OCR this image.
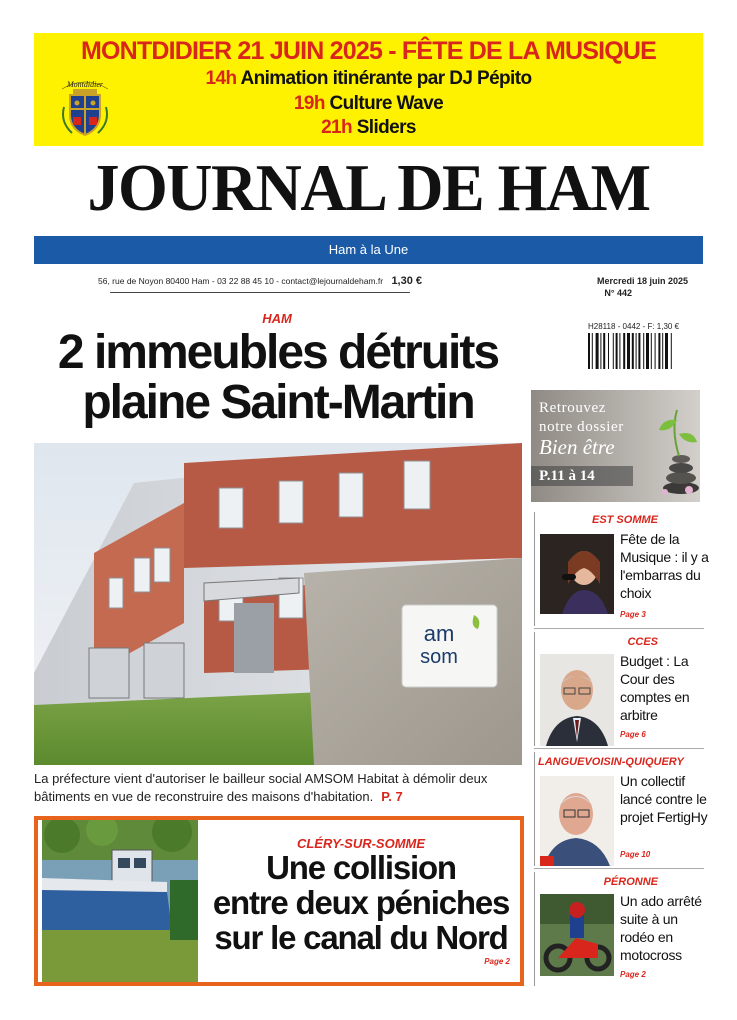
MONTDIDIER 21 JUIN 2025 - FÊTE DE LA MUSIQUE
14h Animation itinérante par DJ Pépito
19h Culture Wave
21h Sliders
Montdidier
JOURNAL DE HAM
Ham à la Une
56, rue de Noyon 80400 Ham - 03 22 88 45 10 - contact@lejournaldeham.fr 1,30 €	Mercredi 18 juin 2025
N° 442
H28118 - 0442 - F: 1,30 €
HAM
2 immeubles détruits
plaine Saint-Martin
am
som
La préfecture vient d'autoriser le bailleur social AMSOM Habitat à démolir deux bâtiments en vue de reconstruire des maisons d'habitation. P. 7
CLÉRY-SUR-SOMME
Une collision
entre deux péniches
sur le canal du Nord
Page 2
Retrouvez
notre dossier
Bien être
P.11 à 14
EST SOMME
Fête de la Musique : il y a l'embarras du choix
Page 3
CCES
Budget : La Cour des comptes en arbitre
Page 6
LANGUEVOISIN-QUIQUERY
Un collectif lancé contre le projet FertigHy
Page 10
PÉRONNE
Un ado arrêté suite à un rodéo en motocross
Page 2
